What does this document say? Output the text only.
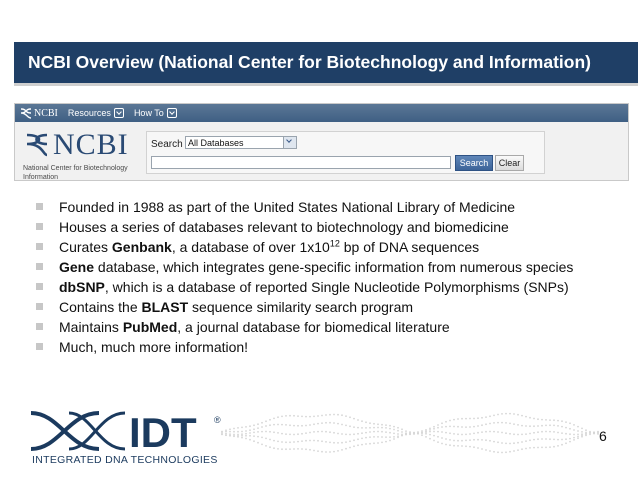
NCBI Overview (National Center for Biotechnology and Information)
NCBI Resources	How To
NCBI
National Center for Biotechnology Information
Search All Databases
Search	Clear
Founded in 1988 as part of the United States National Library of Medicine
Houses a series of databases relevant to biotechnology and biomedicine
Curates Genbank, a database of over $1x10^{12}$ bp of DNA sequences
Gene database, which integrates gene-specific information from numerous species
dbSNP, which is a database of reported Single Nucleotide Polymorphisms (SNPs)
Contains the BLAST sequence similarity search program
Maintains PubMed, a journal database for biomedical literature
Much, much more information!
IDT ®
INTEGRATED DNA TECHNOLOGIES
6
